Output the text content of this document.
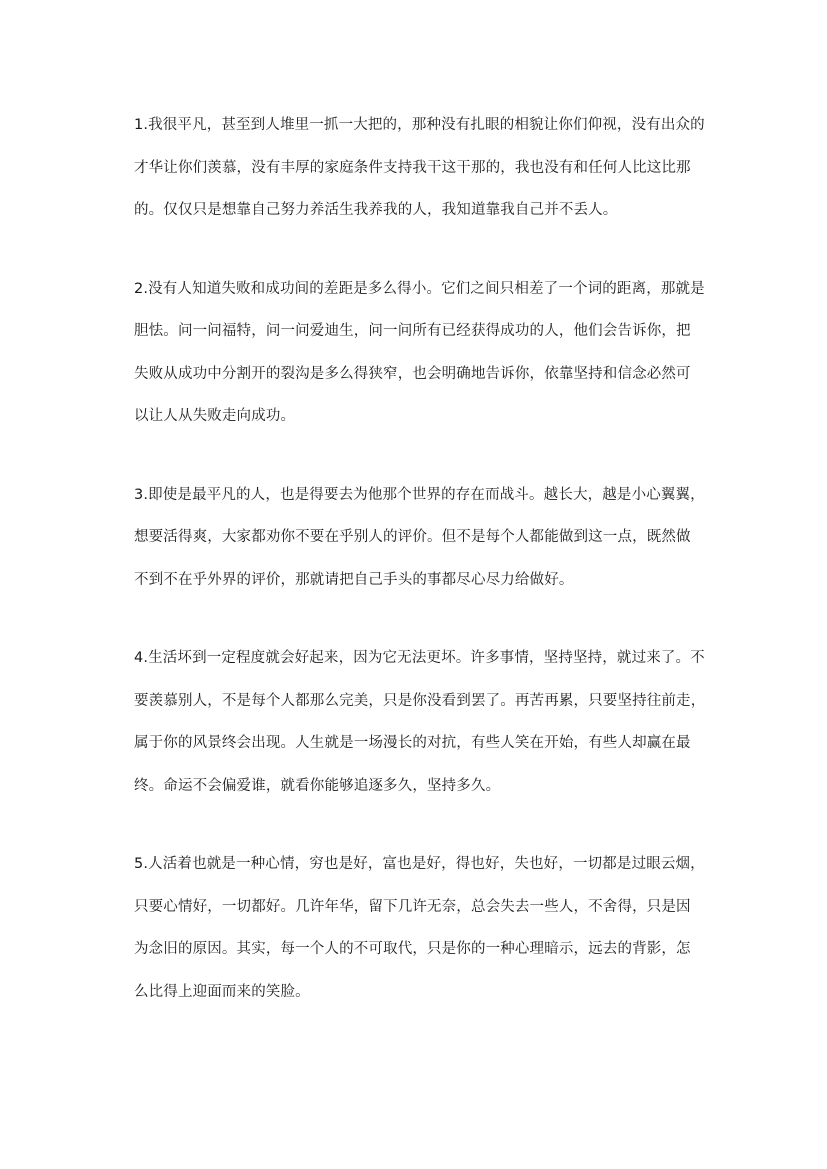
1.我很平凡，甚至到人堆里一抓一大把的，那种没有扎眼的相貌让你们仰视，没有出众的
才华让你们羡慕，没有丰厚的家庭条件支持我干这干那的，我也没有和任何人比这比那
的。仅仅只是想靠自己努力养活生我养我的人，我知道靠我自己并不丢人。
2.没有人知道失败和成功间的差距是多么得小。它们之间只相差了一个词的距离，那就是
胆怯。问一问福特，问一问爱迪生，问一问所有已经获得成功的人，他们会告诉你，把
失败从成功中分割开的裂沟是多么得狭窄，也会明确地告诉你，依靠坚持和信念必然可
以让人从失败走向成功。
3.即使是最平凡的人，也是得要去为他那个世界的存在而战斗。越长大，越是小心翼翼，
想要活得爽，大家都劝你不要在乎别人的评价。但不是每个人都能做到这一点，既然做
不到不在乎外界的评价，那就请把自己手头的事都尽心尽力给做好。
4.生活坏到一定程度就会好起来，因为它无法更坏。许多事情，坚持坚持，就过来了。不
要羡慕别人，不是每个人都那么完美，只是你没看到罢了。再苦再累，只要坚持往前走，
属于你的风景终会出现。人生就是一场漫长的对抗，有些人笑在开始，有些人却赢在最
终。命运不会偏爱谁，就看你能够追逐多久，坚持多久。
5.人活着也就是一种心情，穷也是好，富也是好，得也好，失也好，一切都是过眼云烟，
只要心情好，一切都好。几许年华，留下几许无奈，总会失去一些人，不舍得，只是因
为念旧的原因。其实，每一个人的不可取代，只是你的一种心理暗示，远去的背影，怎
么比得上迎面而来的笑脸。
